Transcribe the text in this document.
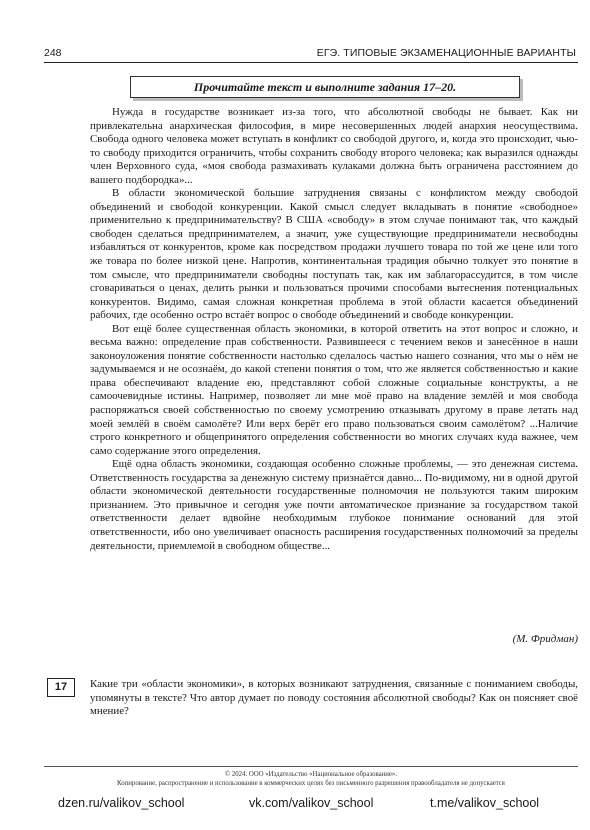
248	ЕГЭ. ТИПОВЫЕ ЭКЗАМЕНАЦИОННЫЕ ВАРИАНТЫ
Прочитайте текст и выполните задания 17–20.

Нужда в государстве возникает из-за того, что абсолютной свободы не бывает. Как ни привлекательна анархическая философия, в мире несовершенных людей анархия неосуществима. Свобода одного человека может вступать в конфликт со свободой другого, и, когда это происходит, чью-то свободу приходится ограничить, чтобы сохранить свободу второго человека; как выразился однажды член Верховного суда, «моя свобода размахивать кулаками должна быть ограничена расстоянием до вашего подбородка»...

В области экономической большие затруднения связаны с конфликтом между свободой объединений и свободой конкуренции. Какой смысл следует вкладывать в понятие «свободное» применительно к предпринимательству? В США «свободу» в этом случае понимают так, что каждый свободен сделаться предпринимателем, а значит, уже существующие предприниматели несвободны избавляться от конкурентов, кроме как посредством продажи лучшего товара по той же цене или того же товара по более низкой цене. Напротив, континентальная традиция обычно толкует это понятие в том смысле, что предприниматели свободны поступать так, как им заблагорассудится, в том числе сговариваться о ценах, делить рынки и пользоваться прочими способами вытеснения потенциальных конкурентов. Видимо, самая сложная конкретная проблема в этой области касается объединений рабочих, где особенно остро встаёт вопрос о свободе объединений и свободе конкуренции.

Вот ещё более существенная область экономики, в которой ответить на этот вопрос и сложно, и весьма важно: определение прав собственности. Развившееся с течением веков и занесённое в наши законоуложения понятие собственности настолько сделалось частью нашего сознания, что мы о нём не задумываемся и не осознаём, до какой степени понятия о том, что же является собственностью и какие права обеспечивают владение ею, представляют собой сложные социальные конструкты, а не самоочевидные истины. Например, позволяет ли мне моё право на владение землёй и моя свобода распоряжаться своей собственностью по своему усмотрению отказывать другому в праве летать над моей землёй в своём самолёте? Или верх берёт его право пользоваться своим самолётом? ...Наличие строго конкретного и общепринятого определения собственности во многих случаях куда важнее, чем само содержание этого определения.

Ещё одна область экономики, создающая особенно сложные проблемы, — это денежная система. Ответственность государства за денежную систему признаётся давно... По-видимому, ни в одной другой области экономической деятельности государственные полномочия не пользуются таким широким признанием. Это привычное и сегодня уже почти автоматическое признание за государством такой ответственности делает вдвойне необходимым глубокое понимание оснований для этой ответственности, ибо оно увеличивает опасность расширения государственных полномочий за пределы деятельности, приемлемой в свободном обществе...

(М. Фридман)
17	Какие три «области экономики», в которых возникают затруднения, связанные с пониманием свободы, упомянуты в тексте? Что автор думает по поводу состояния абсолютной свободы? Как он поясняет своё мнение?
© 2024. ООО «Издательство «Национальное образование».
Копирование, распространение и использование в коммерческих целях без письменного разрешения правообладателя не допускается
dzen.ru/valikov_school	vk.com/valikov_school	t.me/valikov_school
